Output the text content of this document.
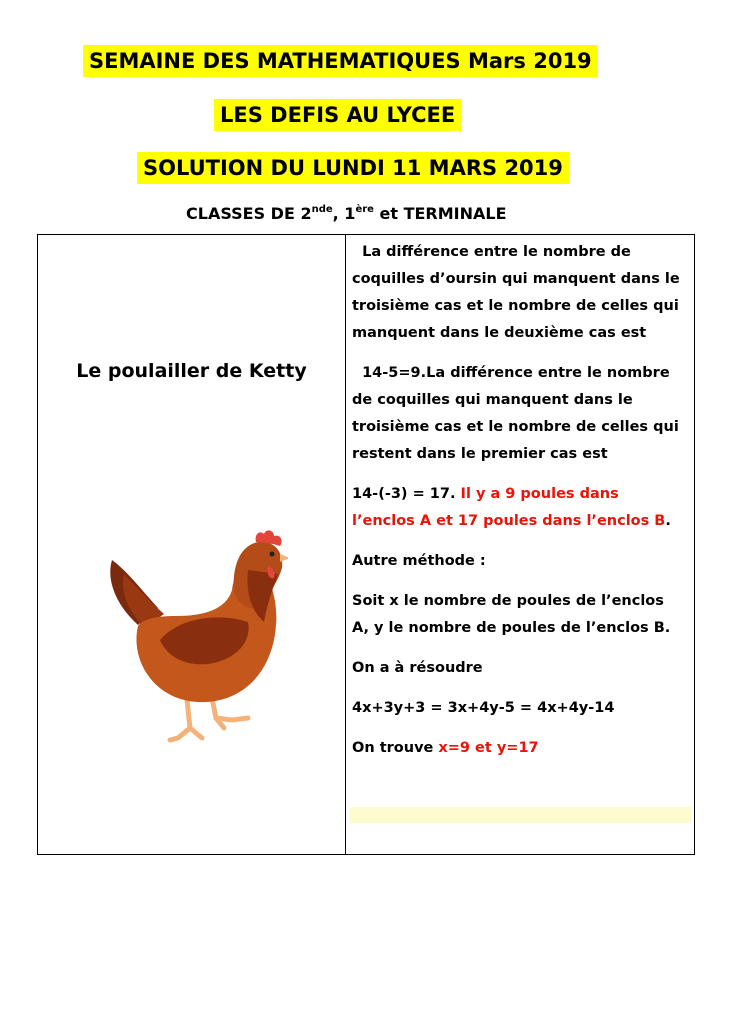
SEMAINE DES MATHEMATIQUES Mars 2019
LES DEFIS AU LYCEE
SOLUTION DU LUNDI 11 MARS 2019
CLASSES DE 2nde, 1ère et TERMINALE
Le poulailler de Ketty

La différence entre le nombre de
coquilles d’oursin qui manquent dans le
troisième cas et le nombre de celles qui
manquent dans le deuxième cas est

14-5=9.La différence entre le nombre
de coquilles qui manquent dans le
troisième cas et le nombre de celles qui
restent dans le premier cas est

14-(-3) = 17. Il y a 9 poules dans
l’enclos A et 17 poules dans l’enclos B.

Autre méthode :

Soit x le nombre de poules de l’enclos
A, y le nombre de poules de l’enclos B.

On a à résoudre

4x+3y+3 = 3x+4y-5 = 4x+4y-14

On trouve x=9 et y=17
